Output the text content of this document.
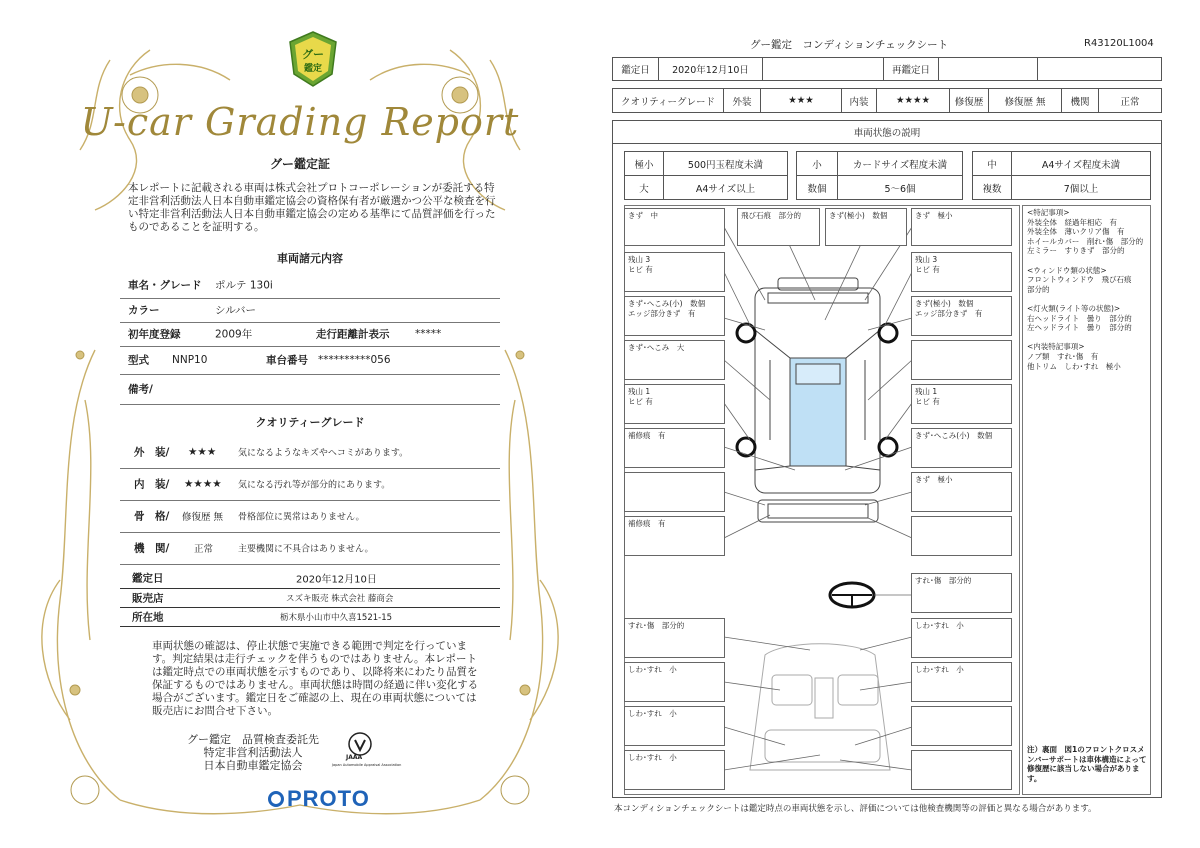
グー
鑑定
U-car Grading Report
グー鑑定証
本レポートに記載される車両は株式会社プロトコーポレーションが委託する特定非営利活動法人日本自動車鑑定協会の資格保有者が厳選かつ公平な検査を行い特定非営利活動法人日本自動車鑑定協会の定める基準にて品質評価を行ったものであることを証明する。
車両諸元内容
車名・グレード ポルテ 130i
カラー	シルバー
初年度登録	2009年	走行距離計表示 *****
型式 NNP10	車台番号 **********056
備考/
クオリティーグレード
外　装/ ★★★ 気になるようなキズやヘコミがあります。
内　装/ ★★★★ 気になる汚れ等が部分的にあります。
骨　格/ 修復歴 無 骨格部位に異常はありません。
機　関/	正常	主要機関に不具合はありません。
鑑定日	2020年12月10日
販売店	スズキ販売 株式会社 藤商会
所在地	栃木県小山市中久喜1521-15
車両状態の確認は、停止状態で実施できる範囲で判定を行っています。判定結果は走行チェックを伴うものではありません。本レポートは鑑定時点での車両状態を示すものであり、以降将来にわたり品質を保証するものではありません。車両状態は時間の経過に伴い変化する場合がございます。鑑定日をご確認の上、現在の車両状態については販売店にお問合せ下さい。
グー鑑定　品質検査委託先
特定非営利活動法人
日本自動車鑑定協会
JAAA
Japan Automobile Appraisal Association
PROTO
グー鑑定　コンディションチェックシート	R43120L1004
鑑定日	2020年12月10日	再鑑定日
クオリティーグレード	外装	★★★	内装	★★★★	修復歴	修復歴 無	機関	正常
車両状態の説明
極小	500円玉程度未満	小	カードサイズ程度未満	中	A4サイズ程度未満
大	A4サイズ以上	数個	5〜6個	複数	7個以上
きず　中
残山 3
ヒビ 有
きず･へこみ(小)　数個
エッジ部分きず　有
きず･へこみ　大
残山 1
ヒビ 有
補修痕　有
補修痕　有
すれ･傷　部分的
しわ･すれ　小
しわ･すれ　小
しわ･すれ　小
飛び石痕　部分的	きず(極小)　数個	きず　極小
残山 3
ヒビ 有
きず(極小)　数個
エッジ部分きず　有
残山 1
ヒビ 有
きず･へこみ(小)　数個
きず　極小
すれ･傷　部分的
しわ･すれ　小
しわ･すれ　小
<特記事項>
外装全体　経過年相応　有
外装全体　薄いクリア傷　有
ホイールカバー　削れ･傷　部分的
左ミラー　すりきず　部分的

<ウィンドウ類の状態>
フロントウィンドウ　飛び石痕
部分的

<灯火類(ライト等の状態)>
右ヘッドライト　曇り　部分的
左ヘッドライト　曇り　部分的

<内装特記事項>
ノブ類　すれ･傷　有
他トリム　しわ･すれ　極小
注）裏面　図1のフロントクロスメンバーサポートは車体構造によって修復歴に該当しない場合があります。
本コンディションチェックシートは鑑定時点の車両状態を示し、評価については他検査機関等の評価と異なる場合があります。
